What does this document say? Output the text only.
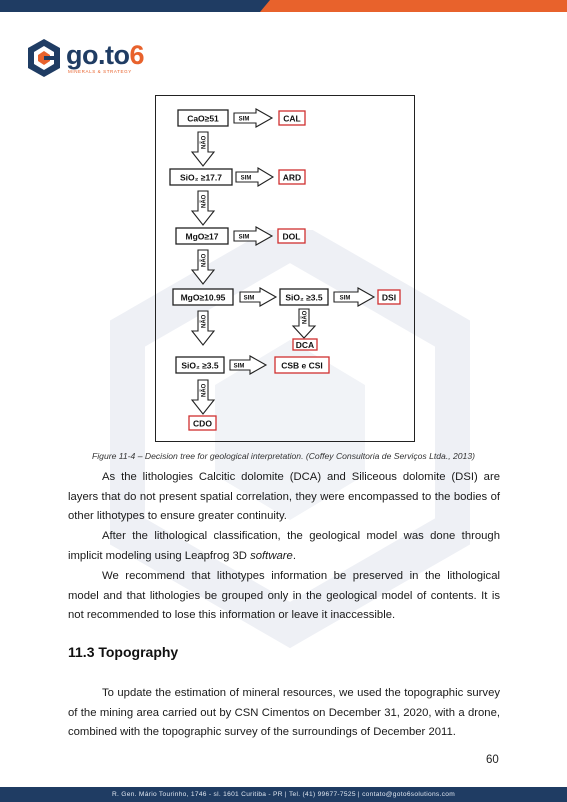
go.to6
MINERALS & STRATEGY
CaO≥51	SIM	CAL
NÃO
SiO₂ ≥17.7	SIM	ARD
NÃO
MgO≥17	SIM	DOL
NÃO
MgO≥10.95	SIM	SiO₂ ≥3.5	SIM	DSI
NÃO
DCA
NÃO
SiO₂ ≥3.5	SIM	CSB e CSI
NÃO
CDO
Figure 11-4 – Decision tree for geological interpretation. (Coffey Consultoria de Serviços Ltda., 2013)
As the lithologies Calcitic dolomite (DCA) and Siliceous dolomite (DSI) are layers that do not present spatial correlation, they were encompassed to the bodies of other lithotypes to ensure greater continuity.
After the lithological classification, the geological model was done through implicit modeling using Leapfrog 3D software.
We recommend that lithotypes information be preserved in the lithological model and that lithologies be grouped only in the geological model of contents. It is not recommended to lose this information or leave it inaccessible.
11.3 Topography
To update the estimation of mineral resources, we used the topographic survey of the mining area carried out by CSN Cimentos on December 31, 2020, with a drone, combined with the topographic survey of the surroundings of December 2011.
60
R. Gen. Mário Tourinho, 1746 - sl. 1601 Curitiba - PR | Tel. (41) 99677-7525 | contato@goto6solutions.com
